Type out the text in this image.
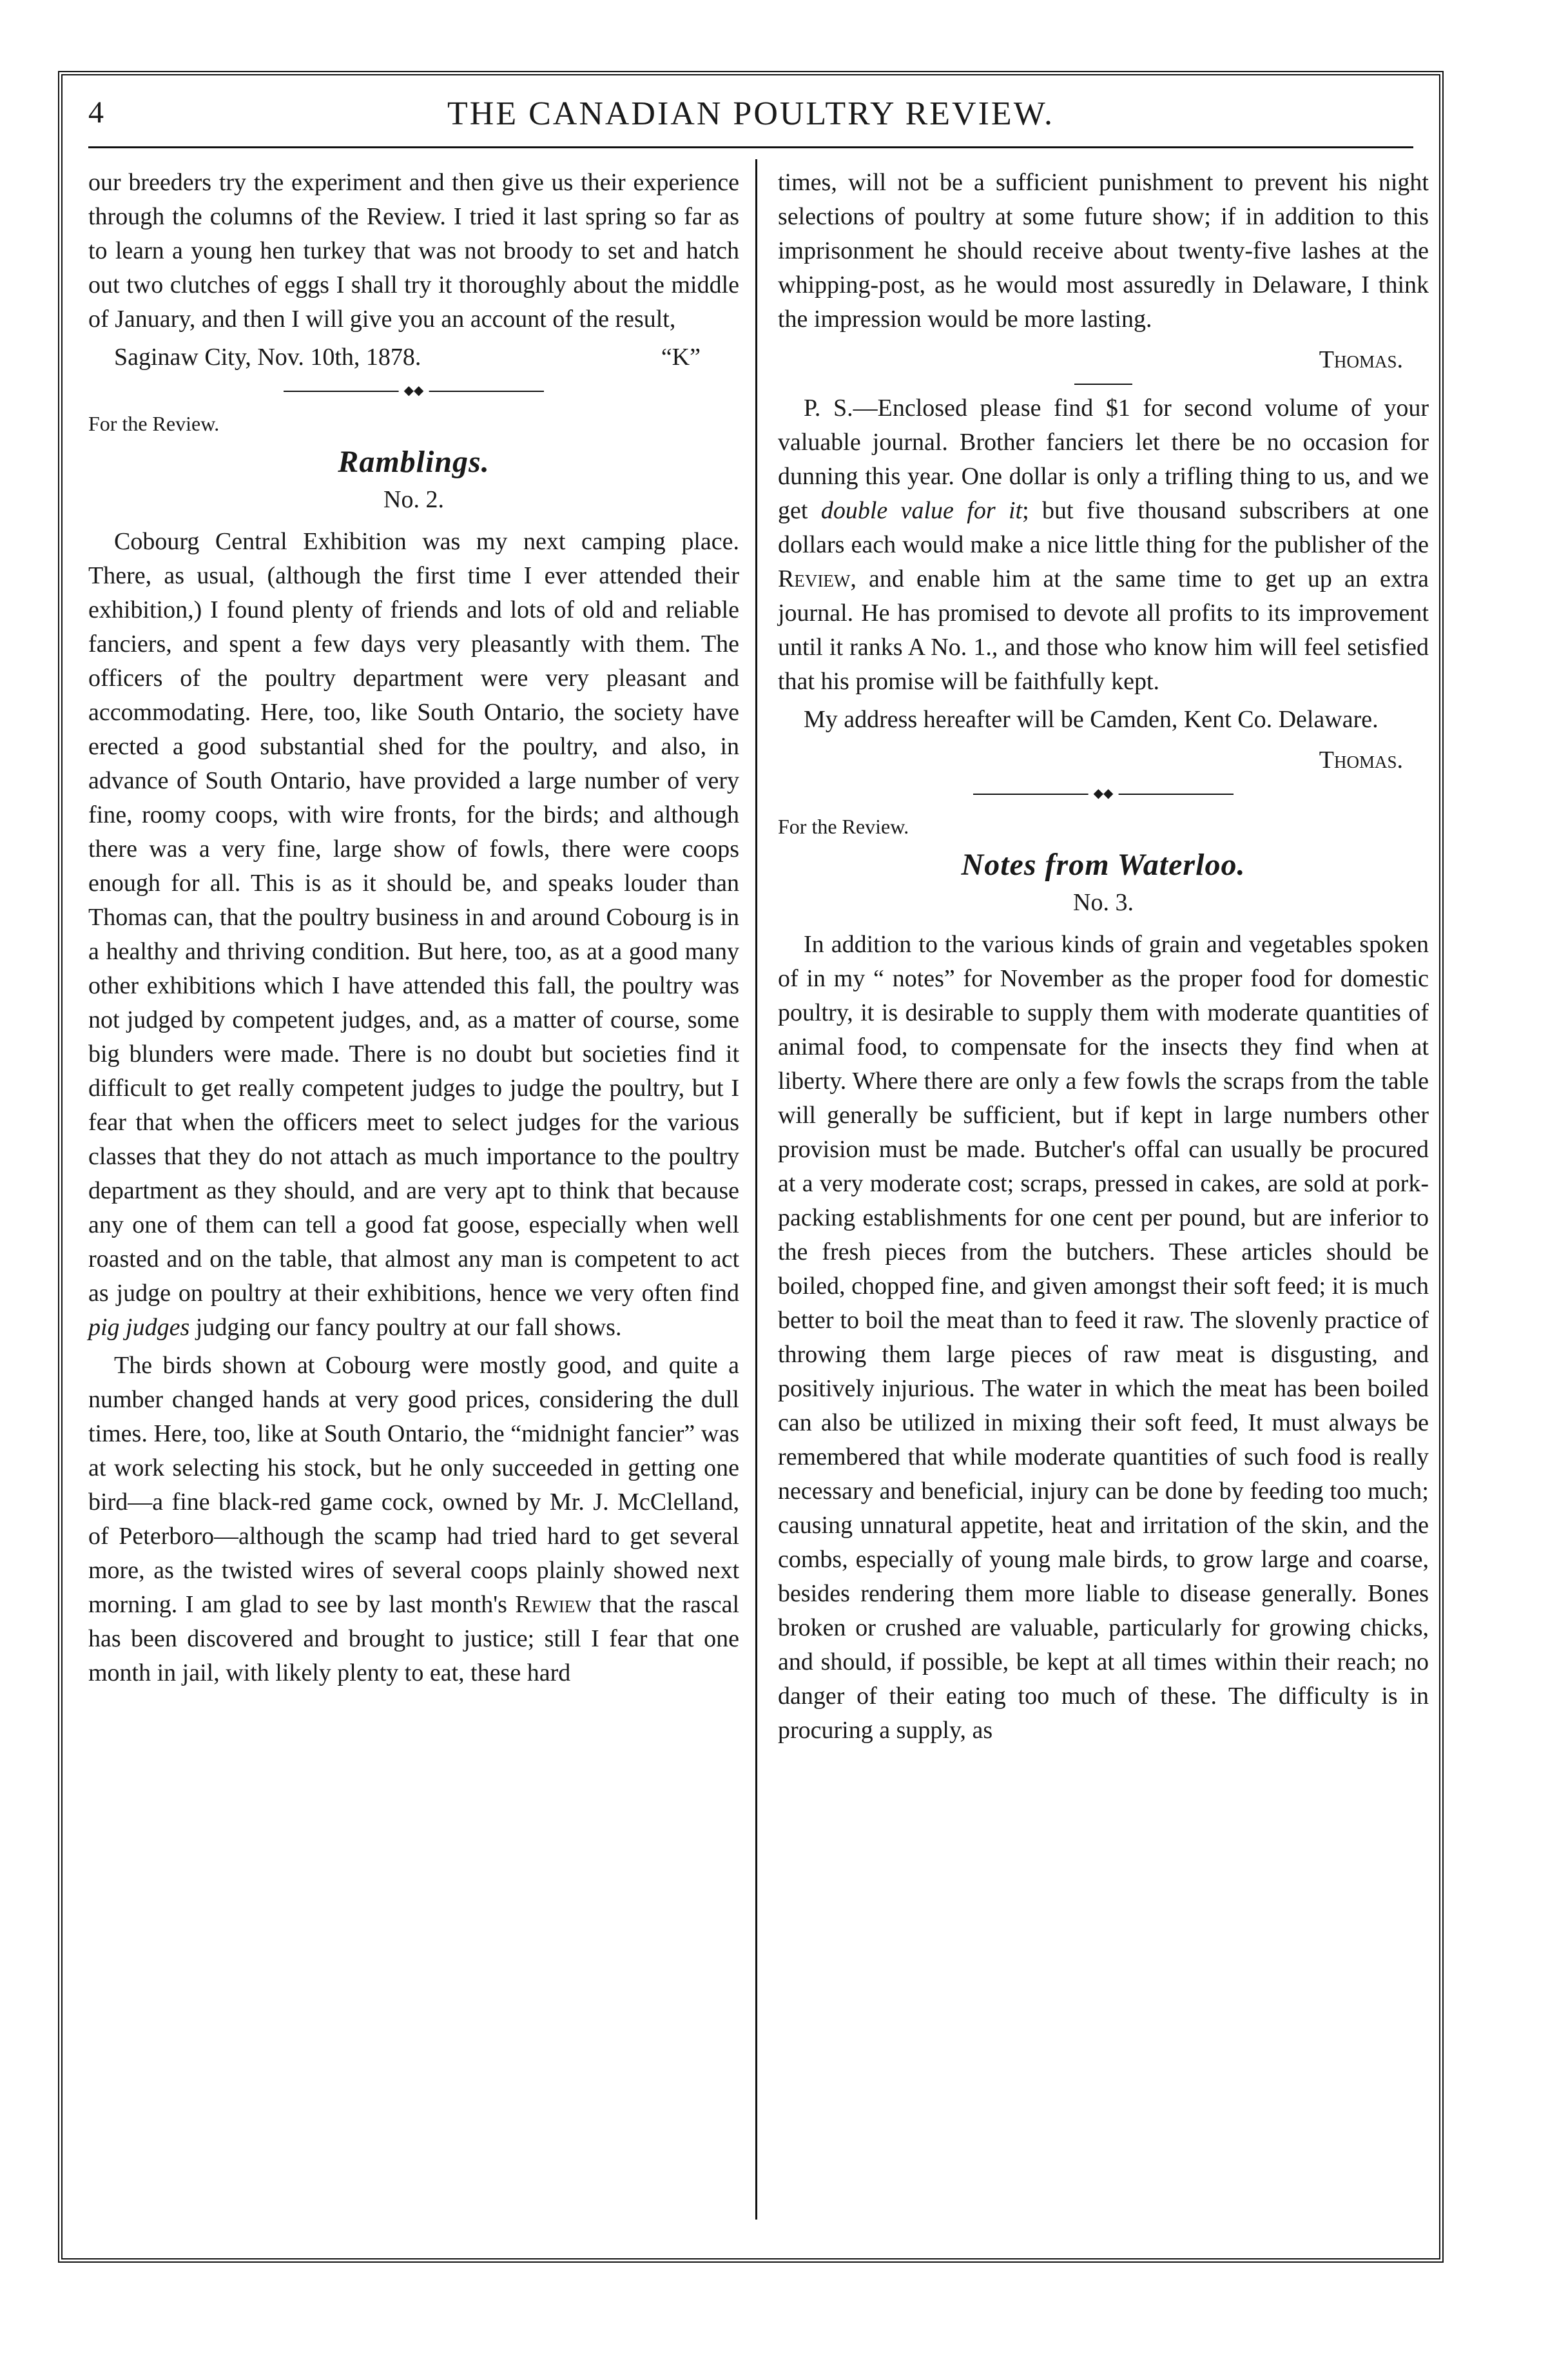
4	THE CANADIAN POULTRY REVIEW.

our breeders try the experiment and then give us their experience through the columns of the Review. I tried it last spring so far as to learn a young hen turkey that was not broody to set and hatch out two clutches of eggs I shall try it thoroughly about the middle of January, and then I will give you an account of the result,

Saginaw City, Nov. 10th, 1878.	“K”
◆◆

For the Review.

Ramblings.

No. 2.

Cobourg Central Exhibition was my next camping place. There, as usual, (although the first time I ever attended their exhibition,) I found plenty of friends and lots of old and reliable fanciers, and spent a few days very pleasantly with them. The officers of the poultry department were very pleasant and accommodating. Here, too, like South Ontario, the society have erected a good substantial shed for the poultry, and also, in advance of South Ontario, have provided a large number of very fine, roomy coops, with wire fronts, for the birds; and although there was a very fine, large show of fowls, there were coops enough for all. This is as it should be, and speaks louder than Thomas can, that the poultry business in and around Cobourg is in a healthy and thriving condition. But here, too, as at a good many other exhibitions which I have attended this fall, the poultry was not judged by competent judges, and, as a matter of course, some big blunders were made. There is no doubt but societies find it difficult to get really competent judges to judge the poultry, but I fear that when the officers meet to select judges for the various classes that they do not attach as much importance to the poultry department as they should, and are very apt to think that because any one of them can tell a good fat goose, especially when well roasted and on the table, that almost any man is competent to act as judge on poultry at their exhibitions, hence we very often find pig judges judging our fancy poultry at our fall shows.

The birds shown at Cobourg were mostly good, and quite a number changed hands at very good prices, considering the dull times. Here, too, like at South Ontario, the “midnight fancier” was at work selecting his stock, but he only succeeded in getting one bird—a fine black-red game cock, owned by Mr. J. McClelland, of Peterboro—although the scamp had tried hard to get several more, as the twisted wires of several coops plainly showed next morning. I am glad to see by last month's Rewiew that the rascal has been discovered and brought to justice; still I fear that one month in jail, with likely plenty to eat, these hard

times, will not be a sufficient punishment to prevent his night selections of poultry at some future show; if in addition to this imprisonment he should receive about twenty-five lashes at the whipping-post, as he would most assuredly in Delaware, I think the impression would be more lasting.

Thomas.

P. S.—Enclosed please find $1 for second volume of your valuable journal. Brother fanciers let there be no occasion for dunning this year. One dollar is only a trifling thing to us, and we get double value for it; but five thousand subscribers at one dollars each would make a nice little thing for the publisher of the Review, and enable him at the same time to get up an extra journal. He has promised to devote all profits to its improvement until it ranks A No. 1., and those who know him will feel setisfied that his promise will be faithfully kept.

My address hereafter will be Camden, Kent Co. Delaware.

Thomas.
◆◆

For the Review.

Notes from Waterloo.

No. 3.

In addition to the various kinds of grain and vegetables spoken of in my “ notes” for November as the proper food for domestic poultry, it is desirable to supply them with moderate quantities of animal food, to compensate for the insects they find when at liberty. Where there are only a few fowls the scraps from the table will generally be sufficient, but if kept in large numbers other provision must be made. Butcher's offal can usually be procured at a very moderate cost; scraps, pressed in cakes, are sold at pork-packing establishments for one cent per pound, but are inferior to the fresh pieces from the butchers. These articles should be boiled, chopped fine, and given amongst their soft feed; it is much better to boil the meat than to feed it raw. The slovenly practice of throwing them large pieces of raw meat is disgusting, and positively injurious. The water in which the meat has been boiled can also be utilized in mixing their soft feed, It must always be remembered that while moderate quantities of such food is really necessary and beneficial, injury can be done by feeding too much; causing unnatural appetite, heat and irritation of the skin, and the combs, especially of young male birds, to grow large and coarse, besides rendering them more liable to disease generally. Bones broken or crushed are valuable, particularly for growing chicks, and should, if possible, be kept at all times within their reach; no danger of their eating too much of these. The difficulty is in procuring a supply, as
